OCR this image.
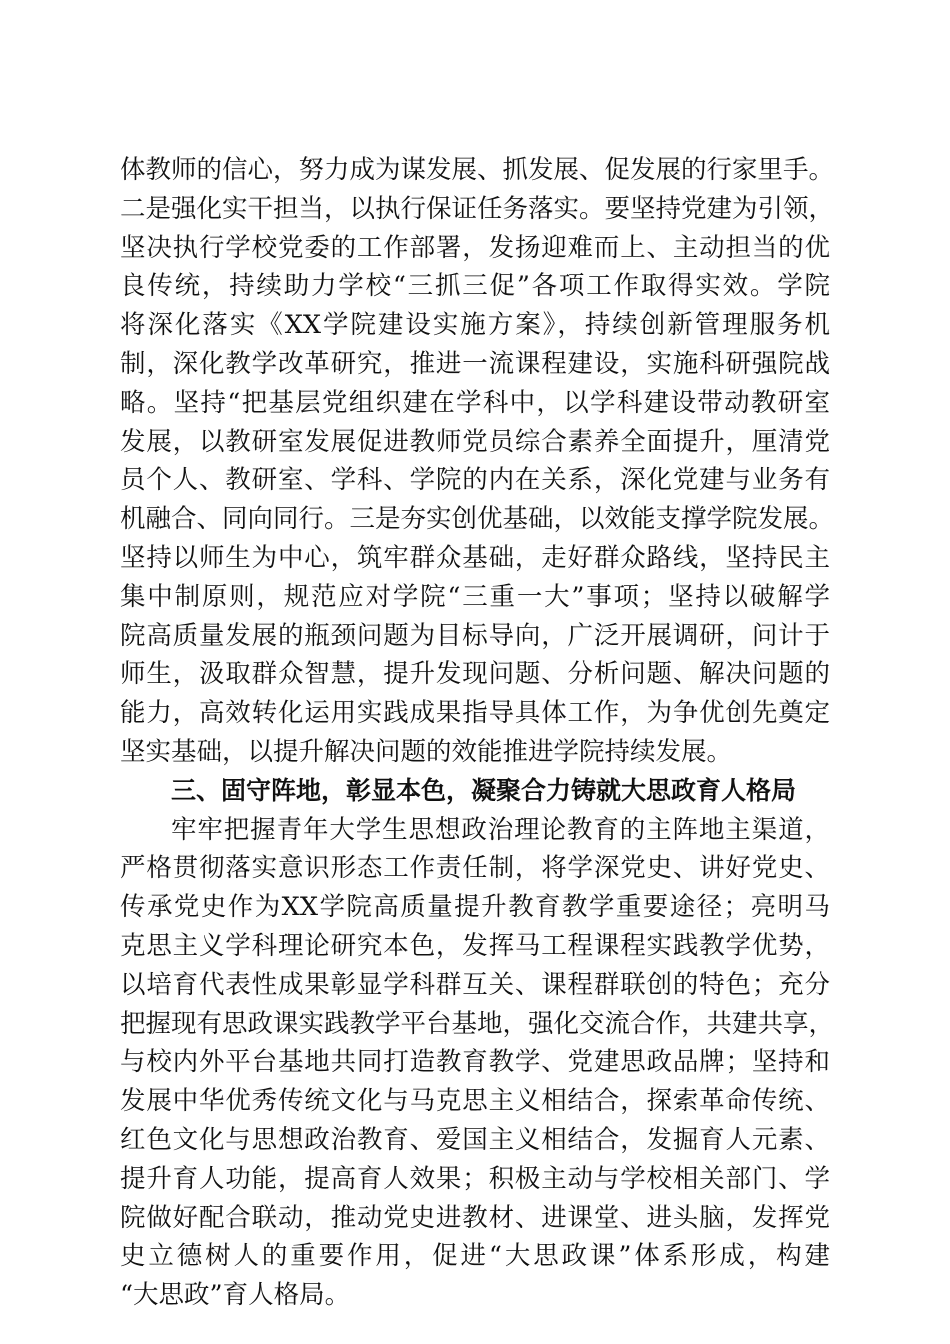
体教师的信心，努力成为谋发展、抓发展、促发展的行家里手。
二是强化实干担当，以执行保证任务落实。要坚持党建为引领，
坚决执行学校党委的工作部署，发扬迎难而上、主动担当的优
良传统，持续助力学校“三抓三促”各项工作取得实效。学院
将深化落实《XX学院建设实施方案》，持续创新管理服务机
制，深化教学改革研究，推进一流课程建设，实施科研强院战
略。坚持“把基层党组织建在学科中，以学科建设带动教研室
发展，以教研室发展促进教师党员综合素养全面提升，厘清党
员个人、教研室、学科、学院的内在关系，深化党建与业务有
机融合、同向同行。三是夯实创优基础，以效能支撑学院发展。
坚持以师生为中心，筑牢群众基础，走好群众路线，坚持民主
集中制原则，规范应对学院“三重一大”事项；坚持以破解学
院高质量发展的瓶颈问题为目标导向，广泛开展调研，问计于
师生，汲取群众智慧，提升发现问题、分析问题、解决问题的
能力，高效转化运用实践成果指导具体工作，为争优创先奠定
坚实基础，以提升解决问题的效能推进学院持续发展。
三、固守阵地，彰显本色，凝聚合力铸就大思政育人格局
牢牢把握青年大学生思想政治理论教育的主阵地主渠道，
严格贯彻落实意识形态工作责任制，将学深党史、讲好党史、
传承党史作为XX学院高质量提升教育教学重要途径；亮明马
克思主义学科理论研究本色，发挥马工程课程实践教学优势，
以培育代表性成果彰显学科群互关、课程群联创的特色；充分
把握现有思政课实践教学平台基地，强化交流合作，共建共享，
与校内外平台基地共同打造教育教学、党建思政品牌；坚持和
发展中华优秀传统文化与马克思主义相结合，探索革命传统、
红色文化与思想政治教育、爱国主义相结合，发掘育人元素、
提升育人功能，提高育人效果；积极主动与学校相关部门、学
院做好配合联动，推动党史进教材、进课堂、进头脑，发挥党
史立德树人的重要作用，促进“大思政课”体系形成，构建
“大思政”育人格局。
